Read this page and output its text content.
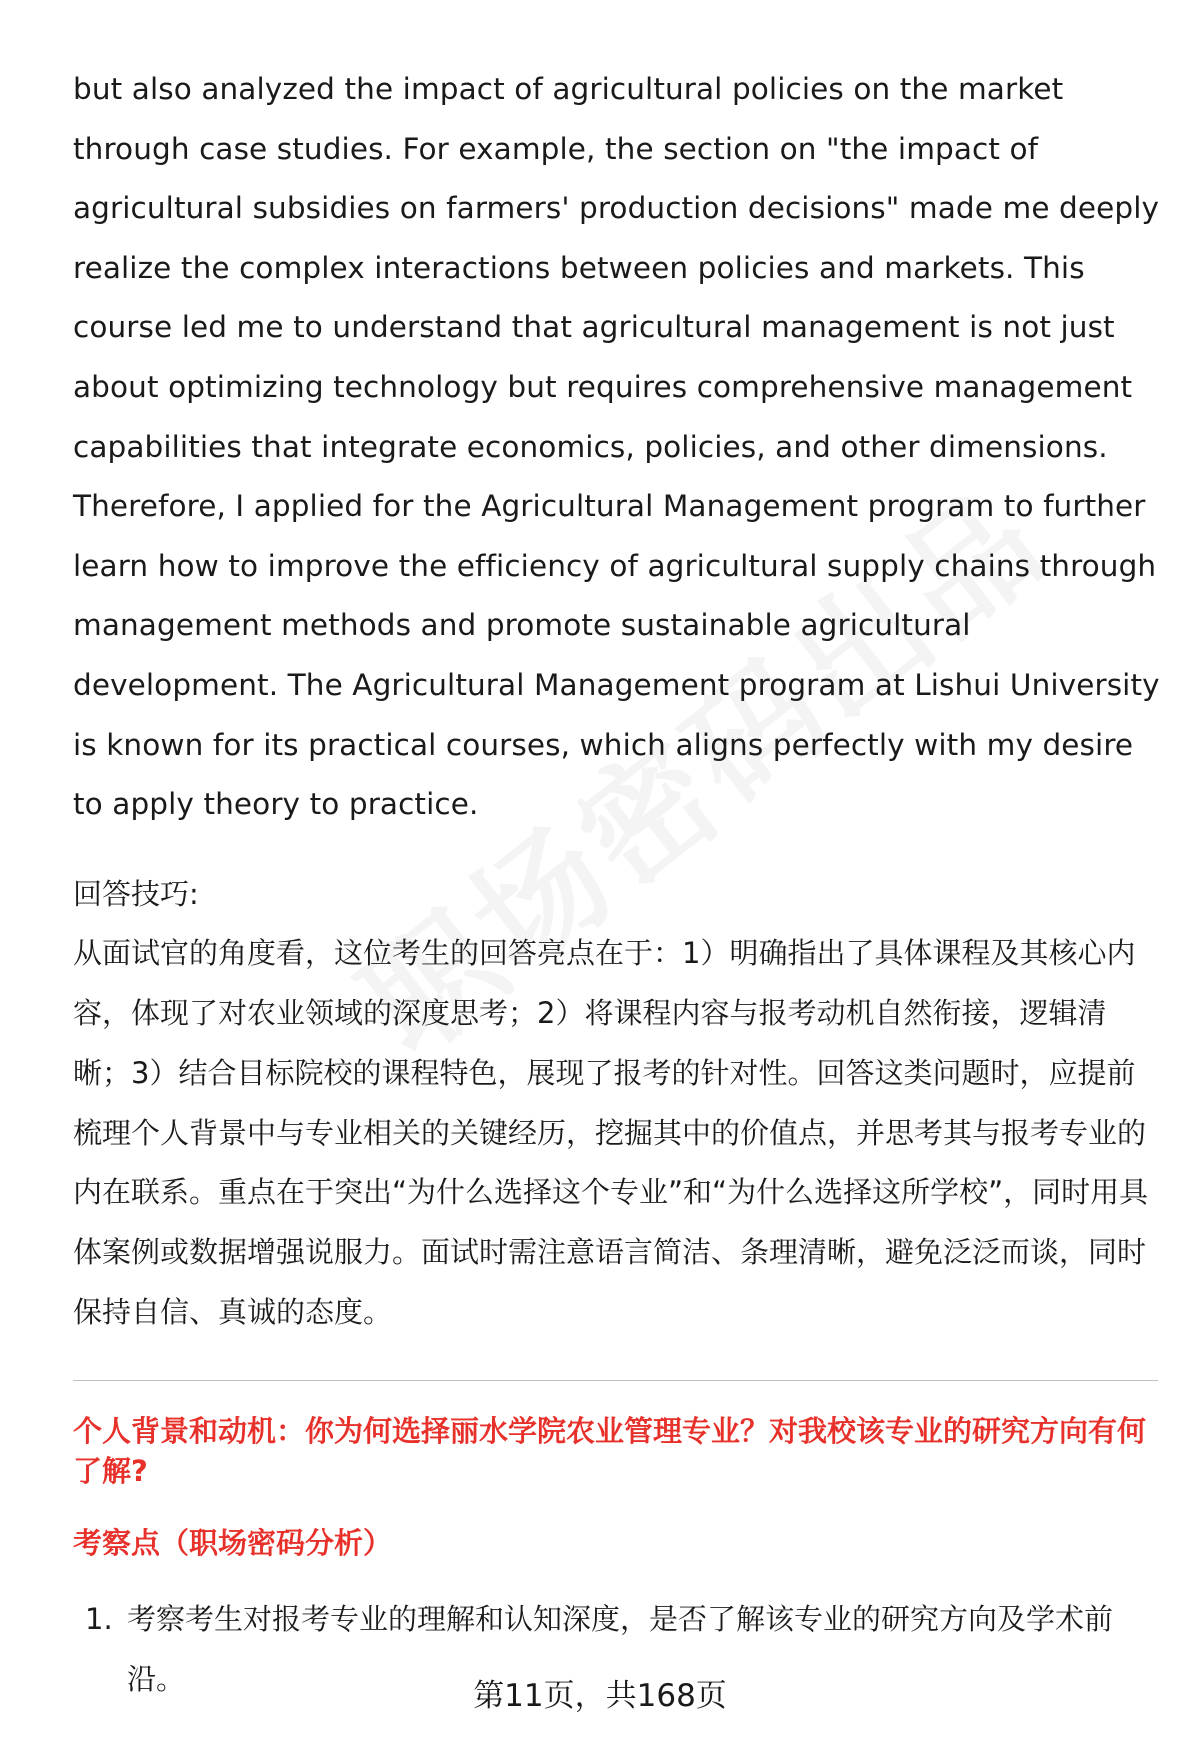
but also analyzed the impact of agricultural policies on the market through case studies. For example, the section on "the impact of agricultural subsidies on farmers' production decisions" made me deeply realize the complex interactions between policies and markets. This course led me to understand that agricultural management is not just about optimizing technology but requires comprehensive management capabilities that integrate economics, policies, and other dimensions. Therefore, I applied for the Agricultural Management program to further learn how to improve the efficiency of agricultural supply chains through management methods and promote sustainable agricultural development. The Agricultural Management program at Lishui University is known for its practical courses, which aligns perfectly with my desire to apply theory to practice.

回答技巧:

从面试官的角度看，这位考生的回答亮点在于：1）明确指出了具体课程及其核心内容，体现了对农业领域的深度思考；2）将课程内容与报考动机自然衔接，逻辑清晰；3）结合目标院校的课程特色，展现了报考的针对性。回答这类问题时，应提前梳理个人背景中与专业相关的关键经历，挖掘其中的价值点，并思考其与报考专业的内在联系。重点在于突出“为什么选择这个专业”和“为什么选择这所学校”，同时用具体案例或数据增强说服力。面试时需注意语言简洁、条理清晰，避免泛泛而谈，同时保持自信、真诚的态度。

个人背景和动机：你为何选择丽水学院农业管理专业？对我校该专业的研究方向有何了解?

考察点（职场密码分析）

1. 考察考生对报考专业的理解和认知深度，是否了解该专业的研究方向及学术前沿。	第11页，共168页
